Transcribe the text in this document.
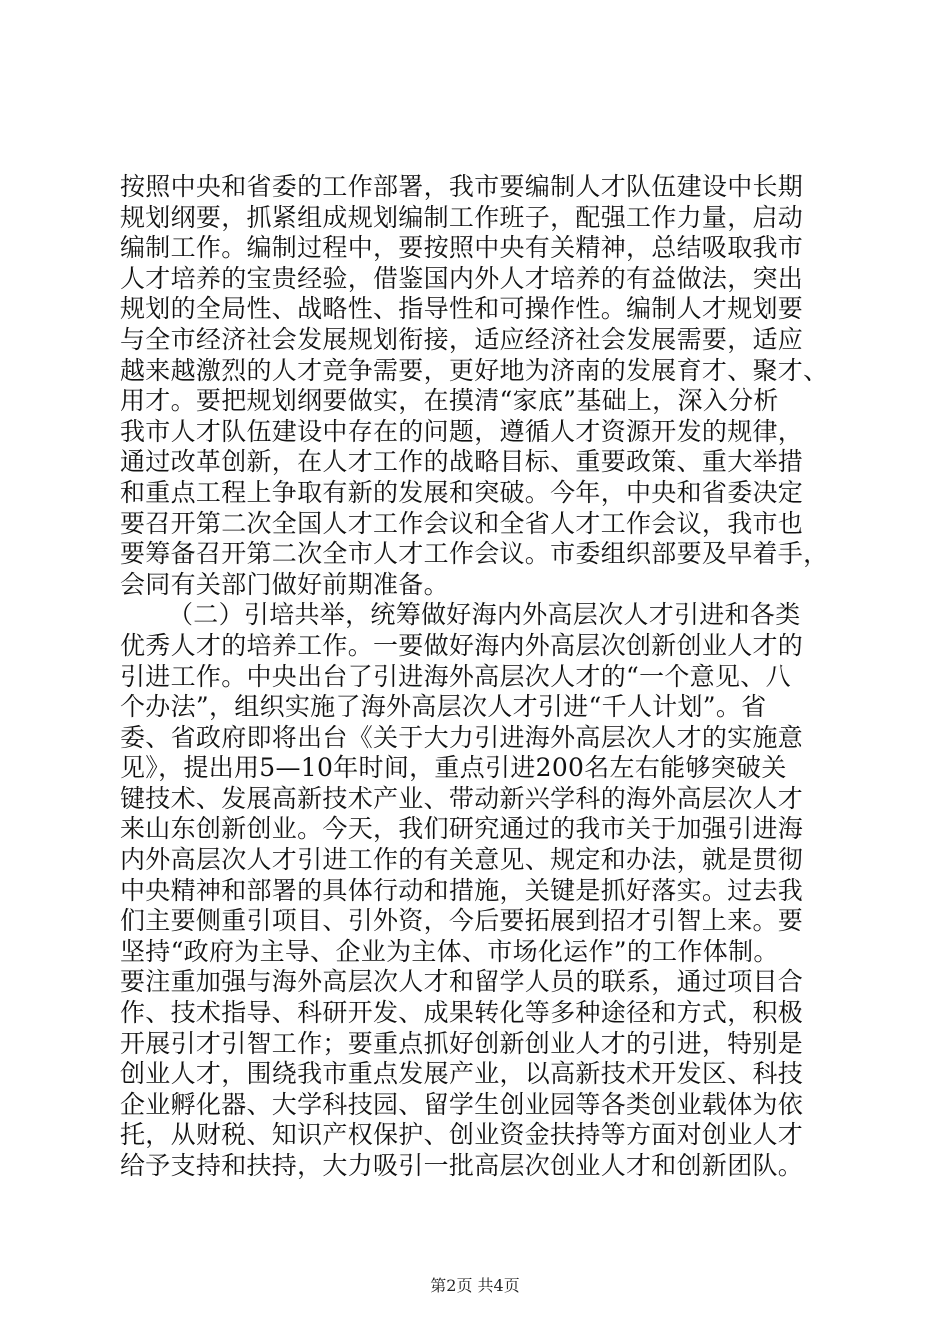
按照中央和省委的工作部署，我市要编制人才队伍建设中长期
规划纲要，抓紧组成规划编制工作班子，配强工作力量，启动
编制工作。编制过程中，要按照中央有关精神，总结吸取我市
人才培养的宝贵经验，借鉴国内外人才培养的有益做法，突出
规划的全局性、战略性、指导性和可操作性。编制人才规划要
与全市经济社会发展规划衔接，适应经济社会发展需要，适应
越来越激烈的人才竞争需要，更好地为济南的发展育才、聚才、
用才。要把规划纲要做实，在摸清“家底”基础上，深入分析
我市人才队伍建设中存在的问题，遵循人才资源开发的规律，
通过改革创新，在人才工作的战略目标、重要政策、重大举措
和重点工程上争取有新的发展和突破。今年，中央和省委决定
要召开第二次全国人才工作会议和全省人才工作会议，我市也
要筹备召开第二次全市人才工作会议。市委组织部要及早着手，
会同有关部门做好前期准备。
（二）引培共举，统筹做好海内外高层次人才引进和各类
优秀人才的培养工作。一要做好海内外高层次创新创业人才的
引进工作。中央出台了引进海外高层次人才的“一个意见、八
个办法”，组织实施了海外高层次人才引进“千人计划”。省
委、省政府即将出台《关于大力引进海外高层次人才的实施意
见》，提出用5—10年时间，重点引进200名左右能够突破关
键技术、发展高新技术产业、带动新兴学科的海外高层次人才
来山东创新创业。今天，我们研究通过的我市关于加强引进海
内外高层次人才引进工作的有关意见、规定和办法，就是贯彻
中央精神和部署的具体行动和措施，关键是抓好落实。过去我
们主要侧重引项目、引外资，今后要拓展到招才引智上来。要
坚持“政府为主导、企业为主体、市场化运作”的工作体制。
要注重加强与海外高层次人才和留学人员的联系，通过项目合
作、技术指导、科研开发、成果转化等多种途径和方式，积极
开展引才引智工作；要重点抓好创新创业人才的引进，特别是
创业人才，围绕我市重点发展产业，以高新技术开发区、科技
企业孵化器、大学科技园、留学生创业园等各类创业载体为依
托，从财税、知识产权保护、创业资金扶持等方面对创业人才
给予支持和扶持，大力吸引一批高层次创业人才和创新团队。
第2页 共4页
